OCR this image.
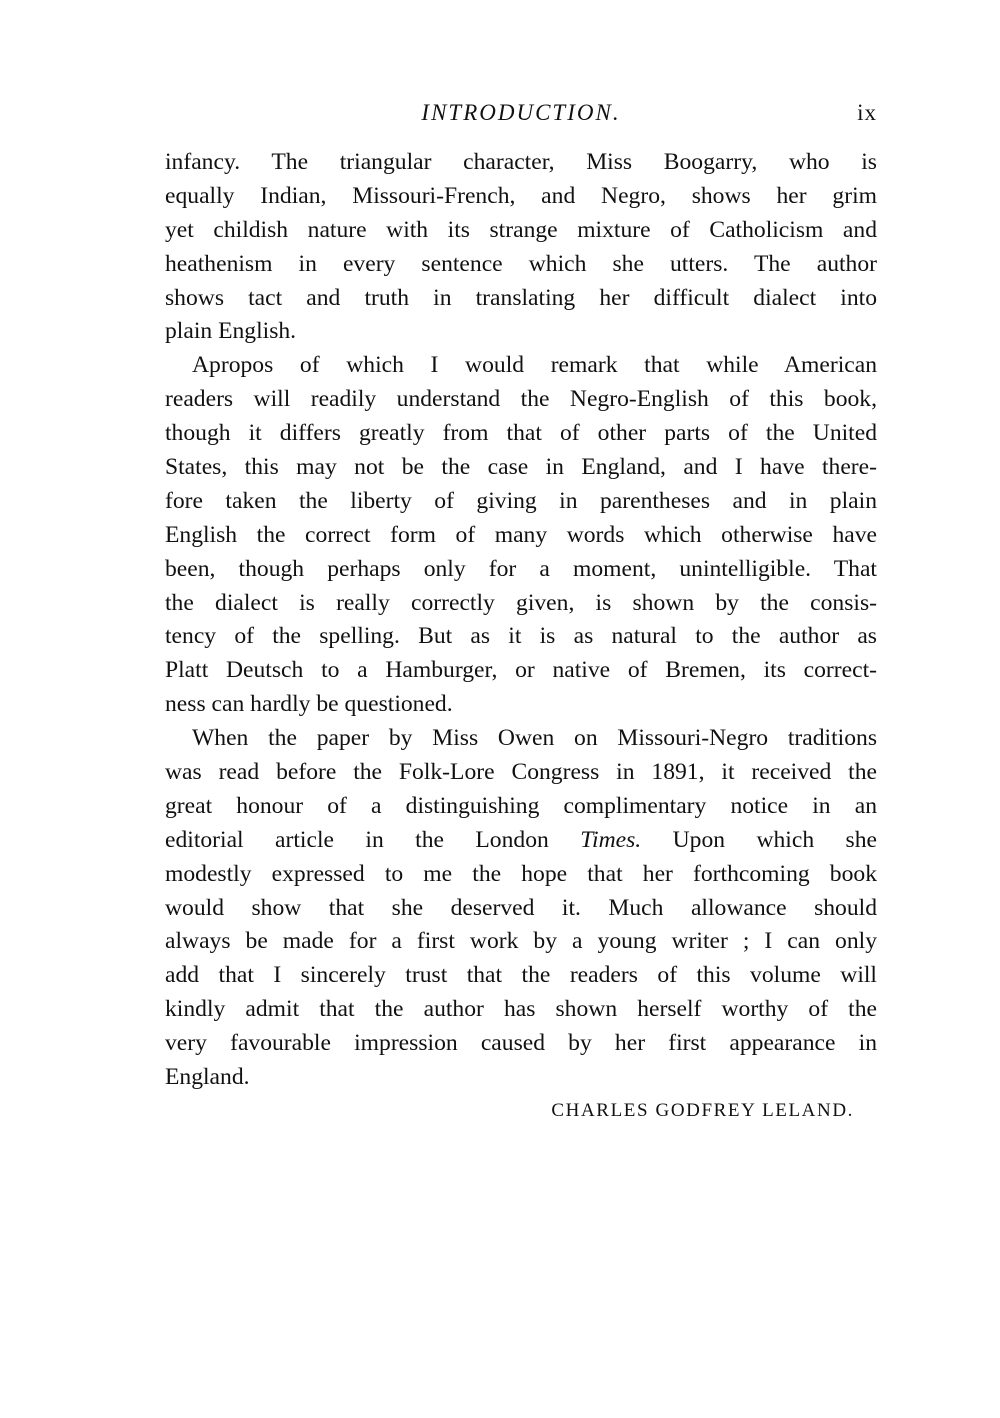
INTRODUCTION.	ix

infancy. The triangular character, Miss Boogarry, who is
equally Indian, Missouri-French, and Negro, shows her grim
yet childish nature with its strange mixture of Catholicism and
heathenism in every sentence which she utters. The author
shows tact and truth in translating her difficult dialect into
plain English.

Apropos of which I would remark that while American
readers will readily understand the Negro-English of this book,
though it differs greatly from that of other parts of the United
States, this may not be the case in England, and I have there-
fore taken the liberty of giving in parentheses and in plain
English the correct form of many words which otherwise have
been, though perhaps only for a moment, unintelligible. That
the dialect is really correctly given, is shown by the consis-
tency of the spelling. But as it is as natural to the author as
Platt Deutsch to a Hamburger, or native of Bremen, its correct-
ness can hardly be questioned.

When the paper by Miss Owen on Missouri-Negro traditions
was read before the Folk-Lore Congress in 1891, it received the
great honour of a distinguishing complimentary notice in an
editorial article in the London Times. Upon which she
modestly expressed to me the hope that her forthcoming book
would show that she deserved it. Much allowance should
always be made for a first work by a young writer ; I can only
add that I sincerely trust that the readers of this volume will
kindly admit that the author has shown herself worthy of the
very favourable impression caused by her first appearance in
England.

CHARLES GODFREY LELAND.
